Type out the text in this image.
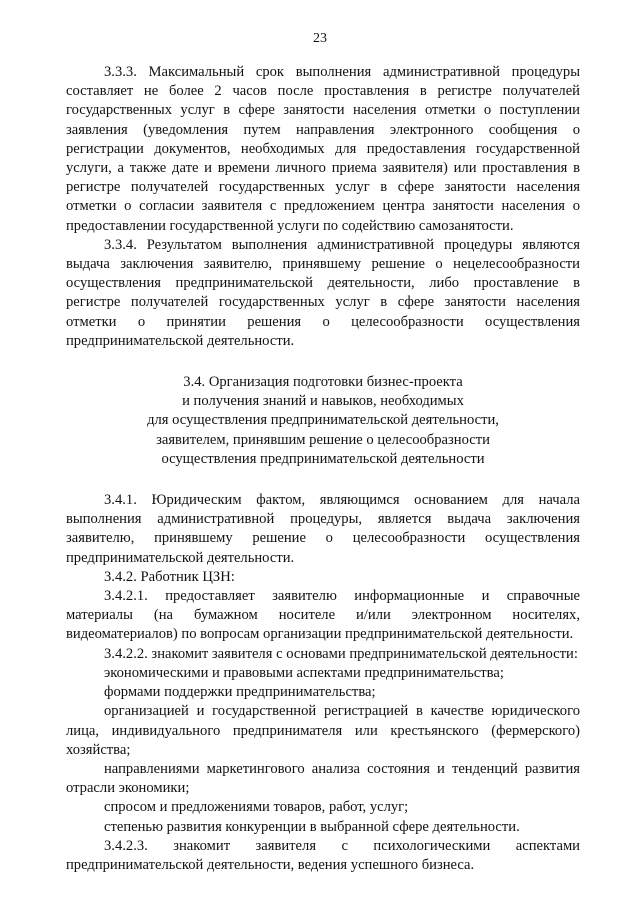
23

3.3.3. Максимальный срок выполнения административной процедуры составляет не более 2 часов после проставления в регистре получателей государственных услуг в сфере занятости населения отметки о поступлении заявления (уведомления путем направления электронного сообщения о регистрации документов, необходимых для предоставления государственной услуги, а также дате и времени личного приема заявителя) или проставления в регистре получателей государственных услуг в сфере занятости населения отметки о согласии заявителя с предложением центра занятости населения о предоставлении государственной услуги по содействию самозанятости.

3.3.4. Результатом выполнения административной процедуры являются выдача заключения заявителю, принявшему решение о нецелесообразности осуществления предпринимательской деятельности, либо проставление в регистре получателей государственных услуг в сфере занятости населения отметки о принятии решения о целесообразности осуществления предпринимательской деятельности.

3.4. Организация подготовки бизнес-проекта
и получения знаний и навыков, необходимых
для осуществления предпринимательской деятельности,
заявителем, принявшим решение о целесообразности
осуществления предпринимательской деятельности

3.4.1. Юридическим фактом, являющимся основанием для начала выполнения административной процедуры, является выдача заключения заявителю, принявшему решение о целесообразности осуществления предпринимательской деятельности.

3.4.2. Работник ЦЗН:

3.4.2.1. предоставляет заявителю информационные и справочные материалы (на бумажном носителе и/или электронном носителях, видеоматериалов) по вопросам организации предпринимательской деятельности.

3.4.2.2. знакомит заявителя с основами предпринимательской деятельности:

экономическими и правовыми аспектами предпринимательства;

формами поддержки предпринимательства;

организацией и государственной регистрацией в качестве юридического лица, индивидуального предпринимателя или крестьянского (фермерского) хозяйства;

направлениями маркетингового анализа состояния и тенденций развития отрасли экономики;

спросом и предложениями товаров, работ, услуг;

степенью развития конкуренции в выбранной сфере деятельности.

3.4.2.3. знакомит заявителя с психологическими аспектами предпринимательской деятельности, ведения успешного бизнеса.
